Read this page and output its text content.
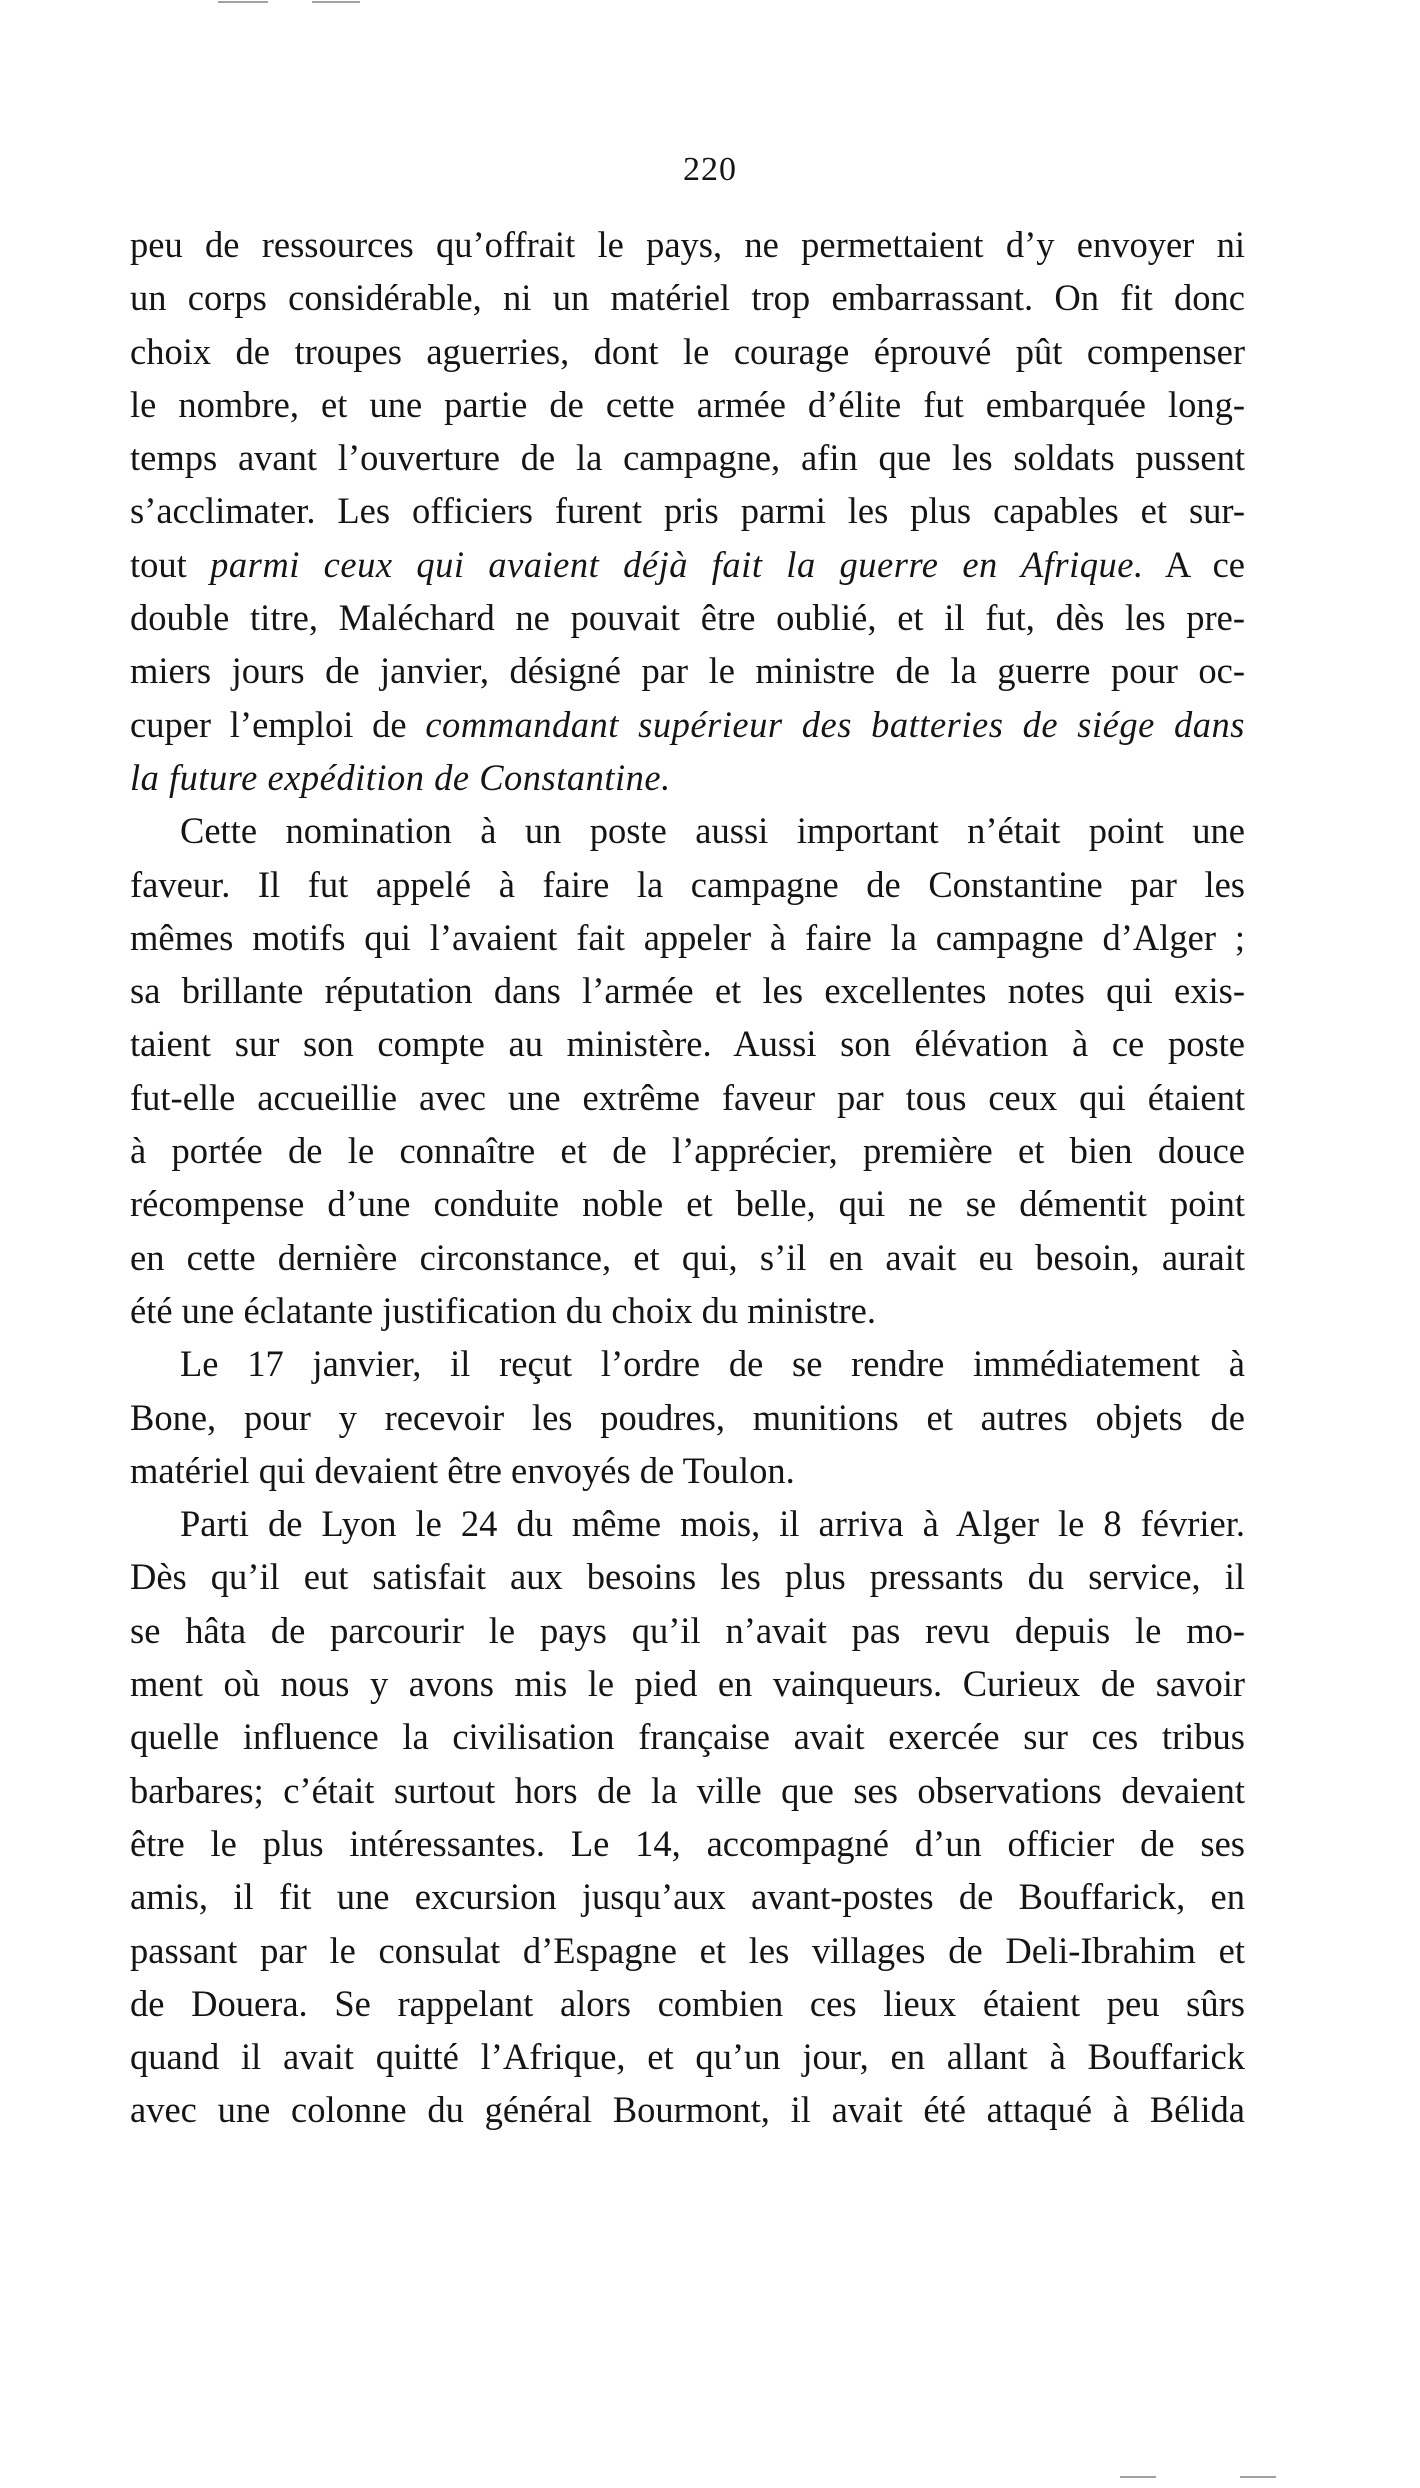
220
peu de ressources qu’offrait le pays, ne permettaient d’y envoyer ni
un corps considérable, ni un matériel trop embarrassant. On fit donc
choix de troupes aguerries, dont le courage éprouvé pût compenser
le nombre, et une partie de cette armée d’élite fut embarquée long-
temps avant l’ouverture de la campagne, afin que les soldats pussent
s’acclimater. Les officiers furent pris parmi les plus capables et sur-
tout parmi ceux qui avaient déjà fait la guerre en Afrique. A ce
double titre, Maléchard ne pouvait être oublié, et il fut, dès les pre-
miers jours de janvier, désigné par le ministre de la guerre pour oc-
cuper l’emploi de commandant supérieur des batteries de siége dans
la future expédition de Constantine.
Cette nomination à un poste aussi important n’était point une
faveur. Il fut appelé à faire la campagne de Constantine par les
mêmes motifs qui l’avaient fait appeler à faire la campagne d’Alger ;
sa brillante réputation dans l’armée et les excellentes notes qui exis-
taient sur son compte au ministère. Aussi son élévation à ce poste
fut-elle accueillie avec une extrême faveur par tous ceux qui étaient
à portée de le connaître et de l’apprécier, première et bien douce
récompense d’une conduite noble et belle, qui ne se démentit point
en cette dernière circonstance, et qui, s’il en avait eu besoin, aurait
été une éclatante justification du choix du ministre.
Le 17 janvier, il reçut l’ordre de se rendre immédiatement à
Bone, pour y recevoir les poudres, munitions et autres objets de
matériel qui devaient être envoyés de Toulon.
Parti de Lyon le 24 du même mois, il arriva à Alger le 8 février.
Dès qu’il eut satisfait aux besoins les plus pressants du service, il
se hâta de parcourir le pays qu’il n’avait pas revu depuis le mo-
ment où nous y avons mis le pied en vainqueurs. Curieux de savoir
quelle influence la civilisation française avait exercée sur ces tribus
barbares; c’était surtout hors de la ville que ses observations devaient
être le plus intéressantes. Le 14, accompagné d’un officier de ses
amis, il fit une excursion jusqu’aux avant-postes de Bouffarick, en
passant par le consulat d’Espagne et les villages de Deli-Ibrahim et
de Douera. Se rappelant alors combien ces lieux étaient peu sûrs
quand il avait quitté l’Afrique, et qu’un jour, en allant à Bouffarick
avec une colonne du général Bourmont, il avait été attaqué à Bélida
